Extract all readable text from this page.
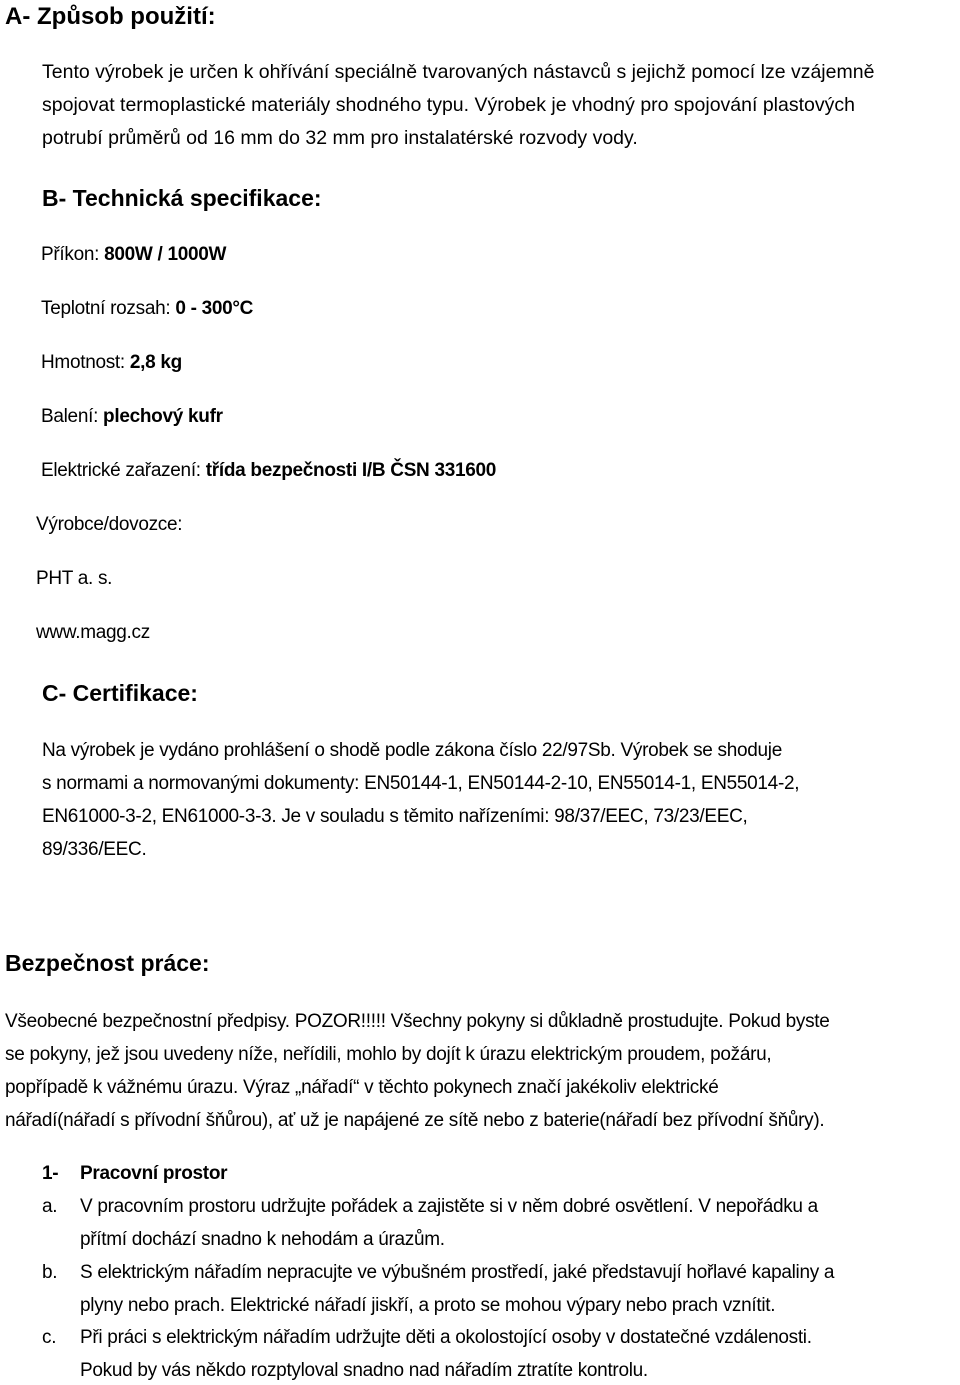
A- Způsob použití:
Tento výrobek je určen k ohřívání speciálně tvarovaných nástavců s jejichž pomocí lze vzájemně
spojovat termoplastické materiály shodného typu. Výrobek je vhodný pro spojování plastových
potrubí průměrů od 16 mm do 32 mm pro instalatérské rozvody vody.
B- Technická specifikace:
Příkon: 800W / 1000W
Teplotní rozsah: 0 - 300°C
Hmotnost: 2,8 kg
Balení: plechový kufr
Elektrické zařazení: třída bezpečnosti I/B ČSN 331600
Výrobce/dovozce:
PHT a. s.
www.magg.cz
C- Certifikace:
Na výrobek je vydáno prohlášení o shodě podle zákona číslo 22/97Sb. Výrobek se shoduje
s normami a normovanými dokumenty: EN50144-1, EN50144-2-10, EN55014-1, EN55014-2,
EN61000-3-2, EN61000-3-3. Je v souladu s těmito nařízeními: 98/37/EEC, 73/23/EEC,
89/336/EEC.
Bezpečnost práce:
Všeobecné bezpečnostní předpisy. POZOR!!!!! Všechny pokyny si důkladně prostudujte. Pokud byste
se pokyny, jež jsou uvedeny níže, neřídili, mohlo by dojít k úrazu elektrickým proudem, požáru,
popřípadě k vážnému úrazu. Výraz „nářadí“ v těchto pokynech značí jakékoliv elektrické
nářadí(nářadí s přívodní šňůrou), ať už je napájené ze sítě nebo z baterie(nářadí bez přívodní šňůry).
1- Pracovní prostor
a. V pracovním prostoru udržujte pořádek a zajistěte si v něm dobré osvětlení. V nepořádku a
přítmí dochází snadno k nehodám a úrazům.
b. S elektrickým nářadím nepracujte ve výbušném prostředí, jaké představují hořlavé kapaliny a
plyny nebo prach. Elektrické nářadí jiskří, a proto se mohou výpary nebo prach vznítit.
c. Při práci s elektrickým nářadím udržujte děti a okolostojící osoby v dostatečné vzdálenosti.
Pokud by vás někdo rozptyloval snadno nad nářadím ztratíte kontrolu.
